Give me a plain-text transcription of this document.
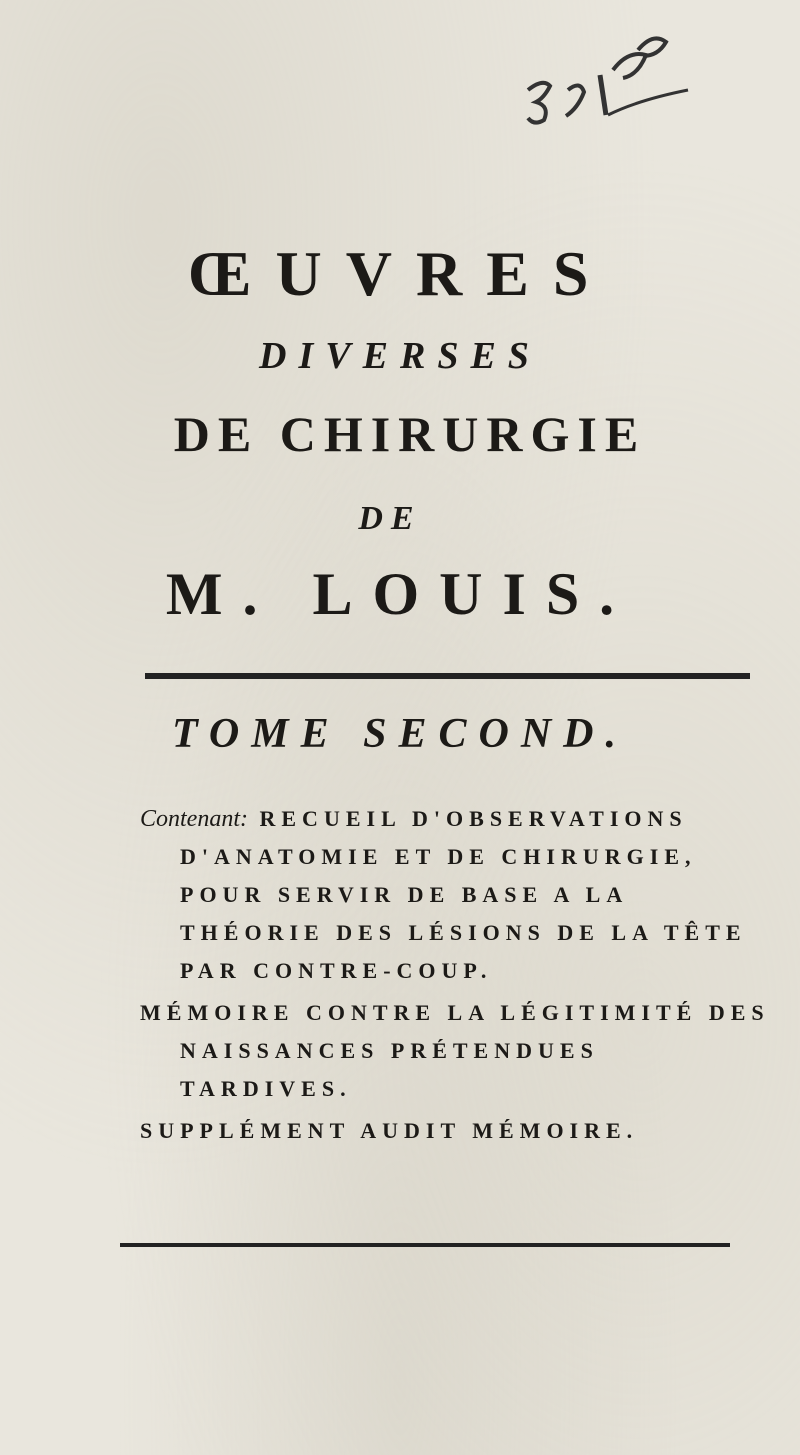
ŒUVRES
DIVERSES
DE CHIRURGIE
DE
M. LOUIS.
TOME SECOND.

Contenant: RECUEIL D'OBSERVATIONS D'ANATOMIE ET DE CHIRURGIE, POUR SERVIR DE BASE A LA THÉORIE DES LÉSIONS DE LA TÊTE PAR CONTRE-COUP.

MÉMOIRE CONTRE LA LÉGITIMITÉ DES NAISSANCES PRÉTENDUES TARDIVES.

SUPPLÉMENT AUDIT MÉMOIRE.
